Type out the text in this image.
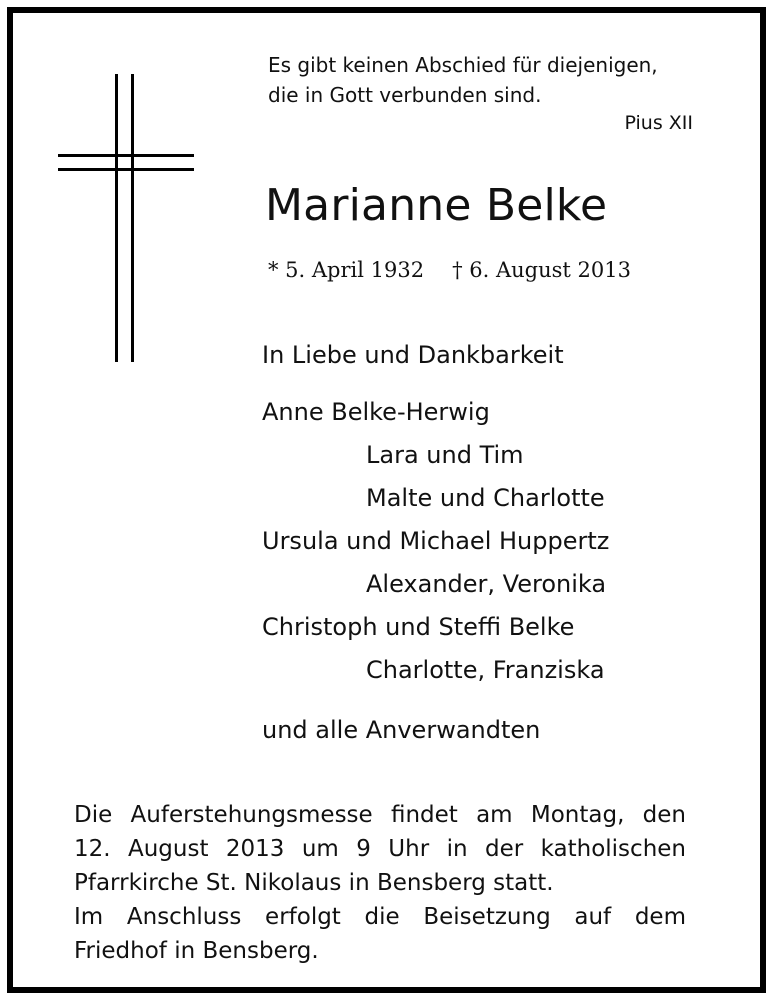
Es gibt keinen Abschied für diejenigen,
die in Gott verbunden sind.
Pius XII
Marianne Belke
* 5. April 1932 † 6. August 2013
In Liebe und Dankbarkeit
Anne Belke-Herwig
Lara und Tim
Malte und Charlotte
Ursula und Michael Huppertz
Alexander, Veronika
Christoph und Steffi Belke
Charlotte, Franziska
und alle Anverwandten
Die Auferstehungsmesse findet am Montag, den
12. August 2013 um 9 Uhr in der katholischen
Pfarrkirche St. Nikolaus in Bensberg statt.
Im Anschluss erfolgt die Beisetzung auf dem
Friedhof in Bensberg.
